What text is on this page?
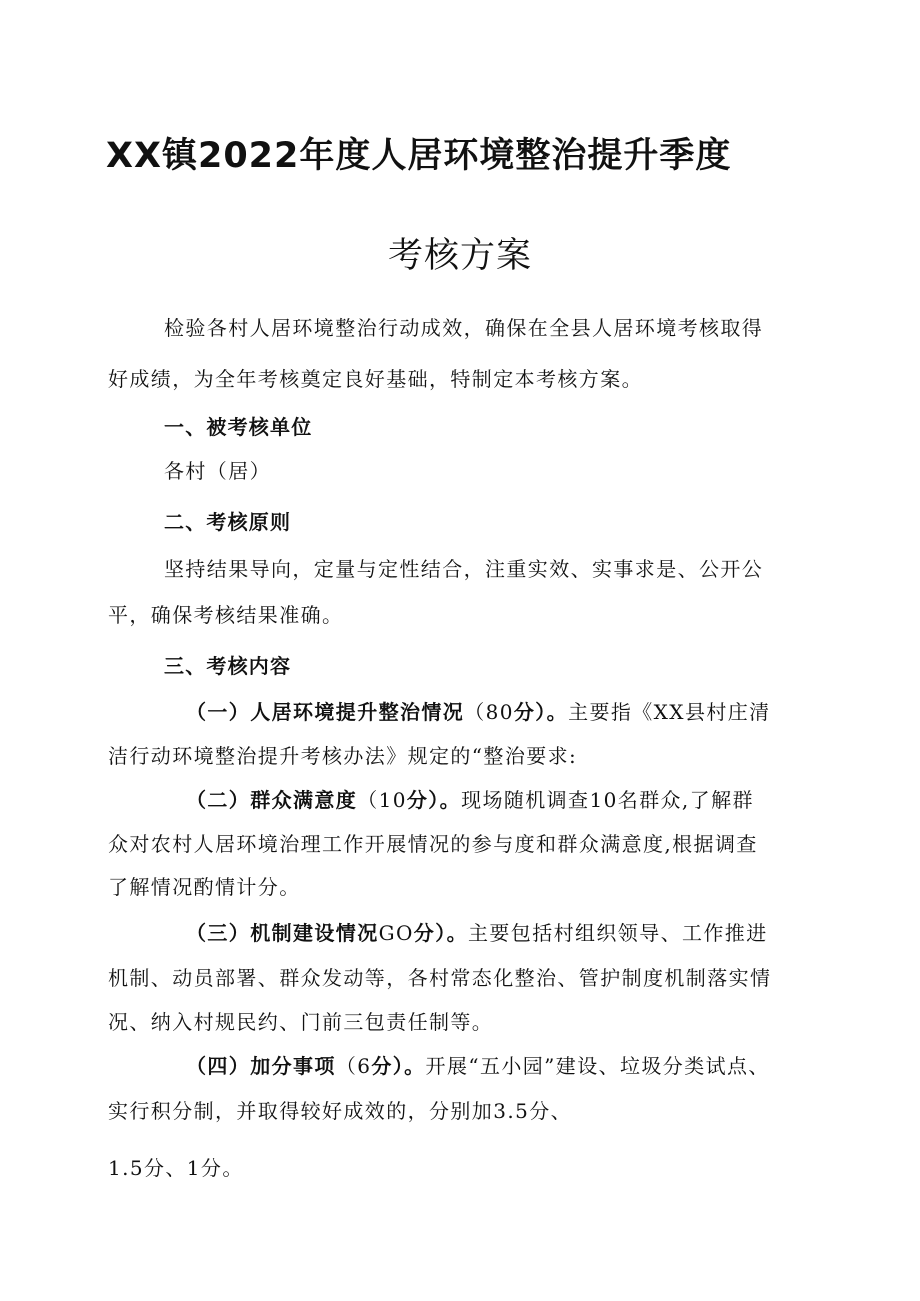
XX镇2022年度人居环境整治提升季度
考核方案
检验各村人居环境整治行动成效，确保在全县人居环境考核取得
好成绩，为全年考核奠定良好基础，特制定本考核方案。
一、被考核单位
各村（居）
二、考核原则
坚持结果导向，定量与定性结合，注重实效、实事求是、公开公
平，确保考核结果准确。
三、考核内容
（一）人居环境提升整治情况（80分）。主要指《XX县村庄清
洁行动环境整治提升考核办法》规定的“整治要求:
（二）群众满意度（10分）。现场随机调查10名群众,了解群
众对农村人居环境治理工作开展情况的参与度和群众满意度,根据调查
了解情况酌情计分。
（三）机制建设情况GO分）。主要包括村组织领导、工作推进
机制、动员部署、群众发动等，各村常态化整治、管护制度机制落实情
况、纳入村规民约、门前三包责任制等。
（四）加分事项（6分）。开展“五小园”建设、垃圾分类试点、
实行积分制，并取得较好成效的，分别加3.5分、
1.5分、1分。
